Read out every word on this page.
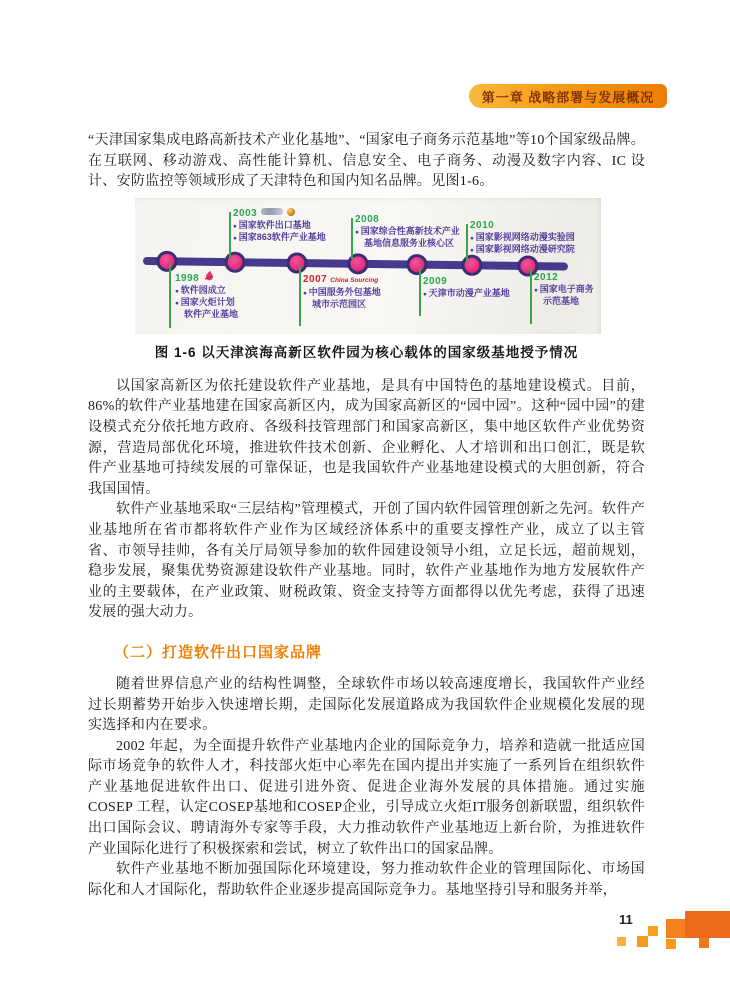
第一章 战略部署与发展概况

“天津国家集成电路高新技术产业化基地”、“国家电子商务示范基地”等10个国家级品牌。在互联网、移动游戏、高性能计算机、信息安全、电子商务、动漫及数字内容、IC 设计、安防监控等领域形成了天津特色和国内知名品牌。见图1-6。

1998
● 软件园成立
● 国家火炬计划软件产业基地
2003
● 国家软件出口基地
● 国家863软件产业基地
2007 China Sourcing
● 中国服务外包基地城市示范园区
2008
● 国家综合性高新技术产业基地信息服务业核心区
2009
● 天津市动漫产业基地
2010
● 国家影视网络动漫实验园
● 国家影视网络动漫研究院
2012
● 国家电子商务示范基地
图 1-6 以天津滨海高新区软件园为核心载体的国家级基地授予情况

以国家高新区为依托建设软件产业基地，是具有中国特色的基地建设模式。目前，86%的软件产业基地建在国家高新区内，成为国家高新区的“园中园”。这种“园中园”的建设模式充分依托地方政府、各级科技管理部门和国家高新区，集中地区软件产业优势资源，营造局部优化环境，推进软件技术创新、企业孵化、人才培训和出口创汇，既是软件产业基地可持续发展的可靠保证，也是我国软件产业基地建设模式的大胆创新，符合我国国情。

软件产业基地采取“三层结构”管理模式，开创了国内软件园管理创新之先河。软件产业基地所在省市都将软件产业作为区域经济体系中的重要支撑性产业，成立了以主管省、市领导挂帅，各有关厅局领导参加的软件园建设领导小组，立足长远，超前规划，稳步发展，聚集优势资源建设软件产业基地。同时，软件产业基地作为地方发展软件产业的主要载体，在产业政策、财税政策、资金支持等方面都得以优先考虑，获得了迅速发展的强大动力。

（二）打造软件出口国家品牌

随着世界信息产业的结构性调整，全球软件市场以较高速度增长，我国软件产业经过长期蓄势开始步入快速增长期，走国际化发展道路成为我国软件企业规模化发展的现实选择和内在要求。

2002 年起，为全面提升软件产业基地内企业的国际竞争力，培养和造就一批适应国际市场竞争的软件人才，科技部火炬中心率先在国内提出并实施了一系列旨在组织软件产业基地促进软件出口、促进引进外资、促进企业海外发展的具体措施。通过实施COSEP 工程，认定COSEP基地和COSEP企业，引导成立火炬IT服务创新联盟，组织软件出口国际会议、聘请海外专家等手段，大力推动软件产业基地迈上新台阶，为推进软件产业国际化进行了积极探索和尝试，树立了软件出口的国家品牌。

软件产业基地不断加强国际化环境建设，努力推动软件企业的管理国际化、市场国际化和人才国际化，帮助软件企业逐步提高国际竞争力。基地坚持引导和服务并举，

11
